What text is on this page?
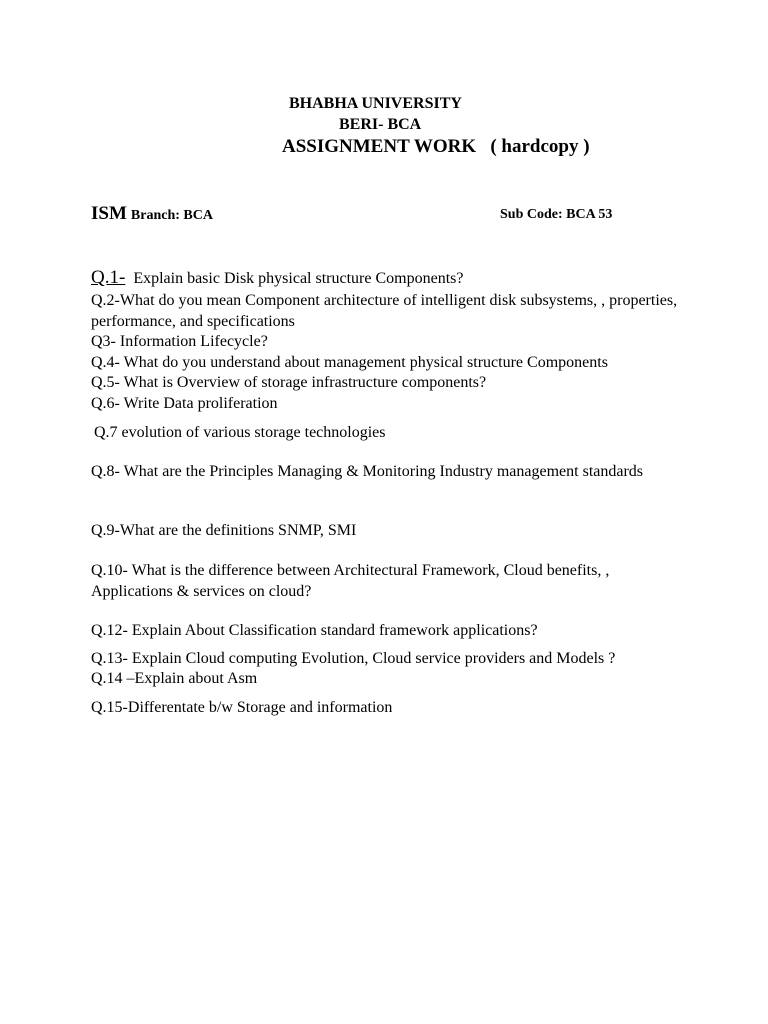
BHABHA UNIVERSITY
BERI- BCA
ASSIGNMENT WORK   ( hardcopy )
ISM Branch: BCA	Sub Code: BCA 53
Q.1-  Explain basic Disk physical structure Components?
Q.2-What do you mean Component architecture of intelligent disk subsystems, , properties, performance, and specifications
Q3- Information Lifecycle?
Q.4- What do you understand about management physical structure Components
Q.5- What is Overview of storage infrastructure components?
Q.6- Write Data proliferation
Q.7 evolution of various storage technologies
Q.8- What are the Principles Managing & Monitoring Industry management standards
Q.9-What are the definitions SNMP, SMI
Q.10- What is the difference between Architectural Framework, Cloud benefits, , Applications & services on cloud?
Q.12- Explain About Classification standard framework applications?
Q.13- Explain Cloud computing Evolution, Cloud service providers and Models ?
Q.14 –Explain about Asm
Q.15-Differentate b/w Storage and information
